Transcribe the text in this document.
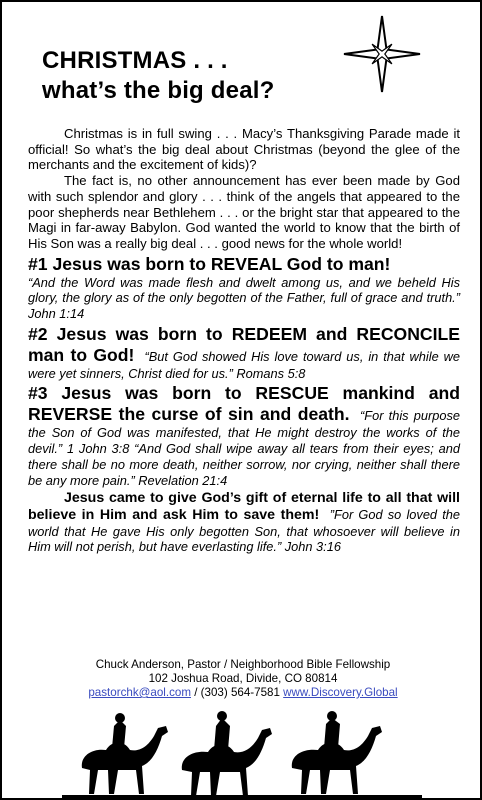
CHRISTMAS . . .
what’s the big deal?

Christmas is in full swing . . . Macy’s Thanksgiving Parade made it official! So what’s the big deal about Christmas (beyond the glee of the merchants and the excitement of kids)?

The fact is, no other announcement has ever been made by God with such splendor and glory . . . think of the angels that appeared to the poor shepherds near Bethlehem . . . or the bright star that appeared to the Magi in far-away Babylon. God wanted the world to know that the birth of His Son was a really big deal . . . good news for the whole world!

#1 Jesus was born to REVEAL God to man!

“And the Word was made flesh and dwelt among us, and we beheld His glory, the glory as of the only begotten of the Father, full of grace and truth.” John 1:14

#2 Jesus was born to REDEEM and RECONCILE man to God! “But God showed His love toward us, in that while we were yet sinners, Christ died for us.” Romans 5:8

#3 Jesus was born to RESCUE mankind and REVERSE the curse of sin and death. “For this purpose the Son of God was manifested, that He might destroy the works of the devil.” 1 John 3:8 “And God shall wipe away all tears from their eyes; and there shall be no more death, neither sorrow, nor crying, neither shall there be any more pain.” Revelation 21:4

Jesus came to give God’s gift of eternal life to all that will believe in Him and ask Him to save them! ”For God so loved the world that He gave His only begotten Son, that whosoever will believe in Him will not perish, but have everlasting life.” John 3:16

Chuck Anderson, Pastor / Neighborhood Bible Fellowship
102 Joshua Road, Divide, CO 80814
pastorchk@aol.com / (303) 564-7581 www.Discovery.Global
